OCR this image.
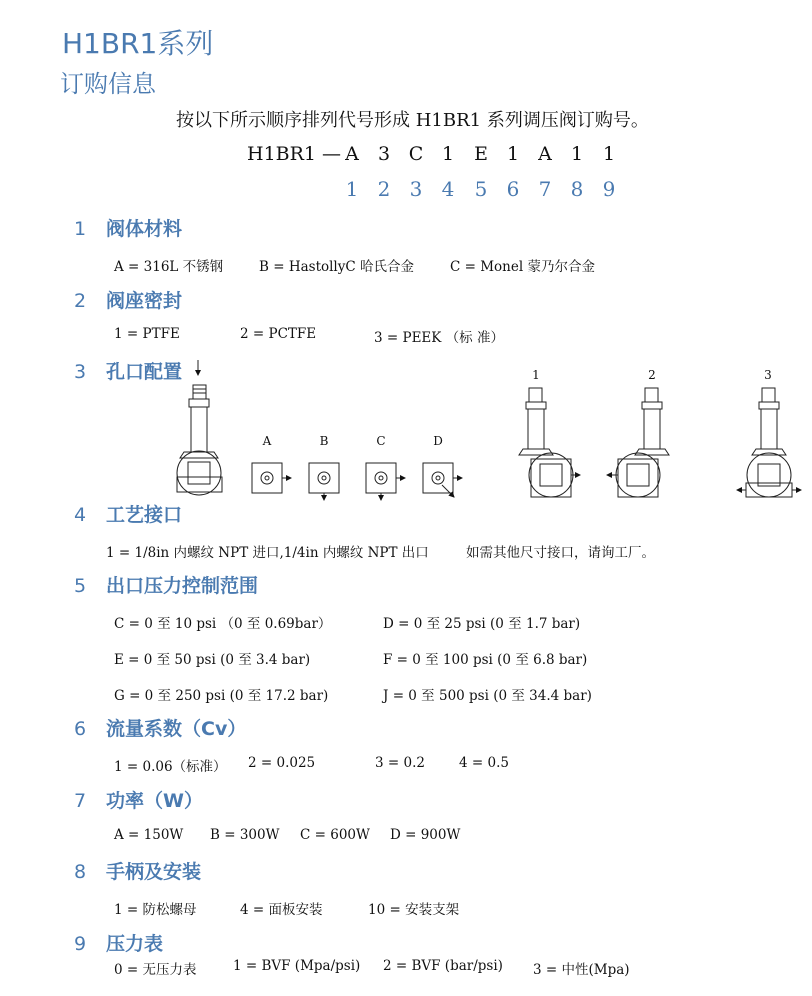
H1BR1系列
订购信息
按以下所示顺序排列代号形成 H1BR1 系列调压阀订购号。
H1BR1 — A	3 C 1	E	1	A	1	1
1 2 3 4	5 6 7 8 9
1 阀体材料
A = 316L 不锈钢	B = HastollyC 哈氏合金	C = Monel 蒙乃尔合金
2 阀座密封
1 = PTFE	2 = PCTFE	3 = PEEK （标 准）
3 孔口配置
A	B	C	D
1	2	3
4 工艺接口
1 = 1/8in 内螺纹 NPT 进口,1/4in 内螺纹 NPT 出口	如需其他尺寸接口，请询工厂。
5 出口压力控制范围
C = 0 至 10 psi （0 至 0.69bar）	D = 0 至 25 psi (0 至 1.7 bar)
E = 0 至 50 psi (0 至 3.4 bar)	F = 0 至 100 psi (0 至 6.8 bar)
G = 0 至 250 psi (0 至 17.2 bar)	J = 0 至 500 psi (0 至 34.4 bar)
6 流量系数（Cv）
1 = 0.06（标准） 2 = 0.025	3 = 0.2	4 = 0.5
7 功率（W）
A = 150W B = 300W C = 600W D = 900W
8 手柄及安装
1 = 防松螺母	4 = 面板安装	10 = 安装支架
9 压力表
0 = 无压力表	1 = BVF (Mpa/psi) 2 = BVF (bar/psi) 3 = 中性(Mpa)
